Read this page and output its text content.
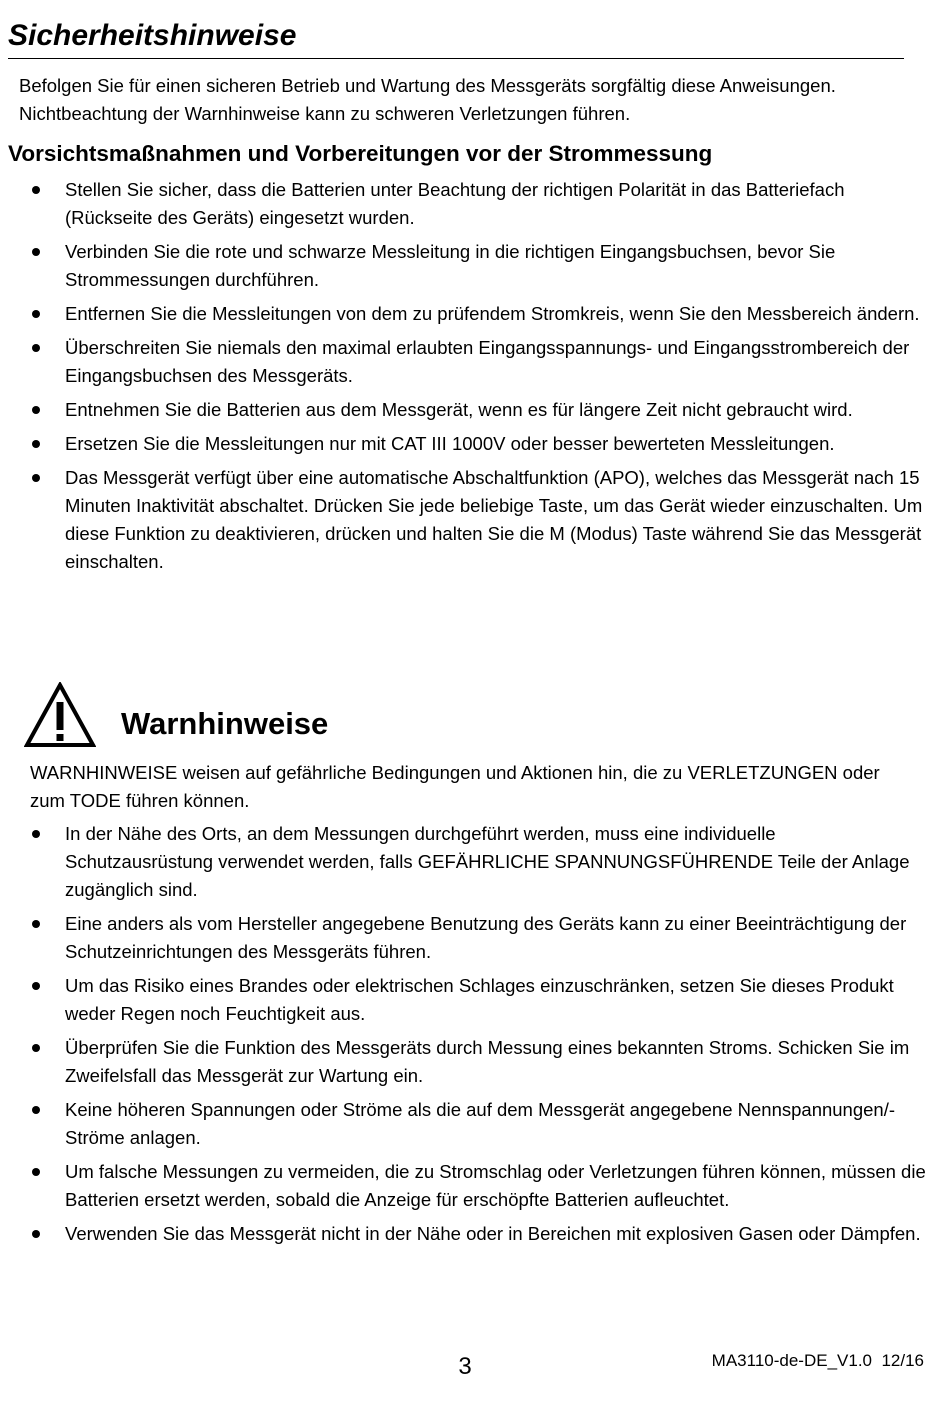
Sicherheitshinweise

Befolgen Sie für einen sicheren Betrieb und Wartung des Messgeräts sorgfältig diese Anweisungen. Nichtbeachtung der Warnhinweise kann zu schweren Verletzungen führen.

Vorsichtsmaßnahmen und Vorbereitungen vor der Strommessung
Stellen Sie sicher, dass die Batterien unter Beachtung der richtigen Polarität in das Batteriefach (Rückseite des Geräts) eingesetzt wurden.
Verbinden Sie die rote und schwarze Messleitung in die richtigen Eingangsbuchsen, bevor Sie Strommessungen durchführen.
Entfernen Sie die Messleitungen von dem zu prüfendem Stromkreis, wenn Sie den Messbereich ändern.
Überschreiten Sie niemals den maximal erlaubten Eingangsspannungs- und Eingangsstrombereich der Eingangsbuchsen des Messgeräts.
Entnehmen Sie die Batterien aus dem Messgerät, wenn es für längere Zeit nicht gebraucht wird.
Ersetzen Sie die Messleitungen nur mit CAT III 1000V oder besser bewerteten Messleitungen.
Das Messgerät verfügt über eine automatische Abschaltfunktion (APO), welches das Messgerät nach 15 Minuten Inaktivität abschaltet. Drücken Sie jede beliebige Taste, um das Gerät wieder einzuschalten. Um diese Funktion zu deaktivieren, drücken und halten Sie die M (Modus) Taste während Sie das Messgerät einschalten.
Warnhinweise

WARNHINWEISE weisen auf gefährliche Bedingungen und Aktionen hin, die zu VERLETZUNGEN oder zum TODE führen können.

In der Nähe des Orts, an dem Messungen durchgeführt werden, muss eine individuelle Schutzausrüstung verwendet werden, falls GEFÄHRLICHE SPANNUNGSFÜHRENDE Teile der Anlage zugänglich sind.
Eine anders als vom Hersteller angegebene Benutzung des Geräts kann zu einer Beeinträchtigung der Schutzeinrichtungen des Messgeräts führen.
Um das Risiko eines Brandes oder elektrischen Schlages einzuschränken, setzen Sie dieses Produkt weder Regen noch Feuchtigkeit aus.
Überprüfen Sie die Funktion des Messgeräts durch Messung eines bekannten Stroms. Schicken Sie im Zweifelsfall das Messgerät zur Wartung ein.
Keine höheren Spannungen oder Ströme als die auf dem Messgerät angegebene Nennspannungen/-Ströme anlagen.
Um falsche Messungen zu vermeiden, die zu Stromschlag oder Verletzungen führen können, müssen die Batterien ersetzt werden, sobald die Anzeige für erschöpfte Batterien aufleuchtet.
Verwenden Sie das Messgerät nicht in der Nähe oder in Bereichen mit explosiven Gasen oder Dämpfen.
3	MA3110-de-DE_V1.0  12/16
